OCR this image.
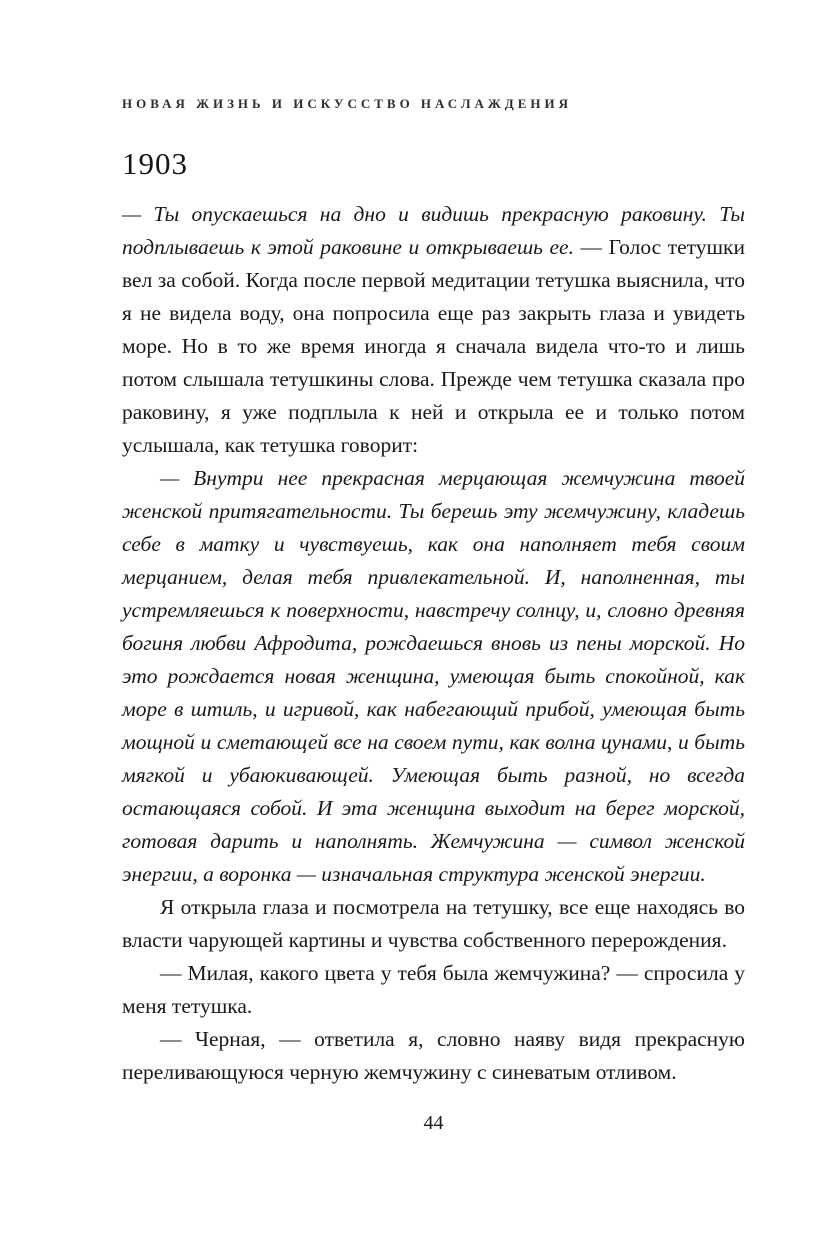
НОВАЯ ЖИЗНЬ И ИСКУССТВО НАСЛАЖДЕНИЯ
1903

— Ты опускаешься на дно и видишь прекрасную раковину. Ты подплываешь к этой раковине и открываешь ее. — Голос тетушки вел за собой. Когда после первой медитации тетушка выяснила, что я не видела воду, она попросила еще раз закрыть глаза и увидеть море. Но в то же время иногда я сначала видела что-то и лишь потом слышала тетушкины слова. Прежде чем тетушка сказала про раковину, я уже подплыла к ней и открыла ее и только потом услышала, как тетушка говорит:

— Внутри нее прекрасная мерцающая жемчужина твоей женской притягательности. Ты берешь эту жемчужину, кладешь себе в матку и чувствуешь, как она наполняет тебя своим мерцанием, делая тебя привлекательной. И, наполненная, ты устремляешься к поверхности, навстречу солнцу, и, словно древняя богиня любви Афродита, рождаешься вновь из пены морской. Но это рождается новая женщина, умеющая быть спокойной, как море в штиль, и игривой, как набегающий прибой, умеющая быть мощной и сметающей все на своем пути, как волна цунами, и быть мягкой и убаюкивающей. Умеющая быть разной, но всегда остающаяся собой. И эта женщина выходит на берег морской, готовая дарить и наполнять. Жемчужина — символ женской энергии, а воронка — изначальная структура женской энергии.

Я открыла глаза и посмотрела на тетушку, все еще находясь во власти чарующей картины и чувства собственного перерождения.

— Милая, какого цвета у тебя была жемчужина? — спросила у меня тетушка.

— Черная, — ответила я, словно наяву видя прекрасную переливающуюся черную жемчужину с синеватым отливом.

44
